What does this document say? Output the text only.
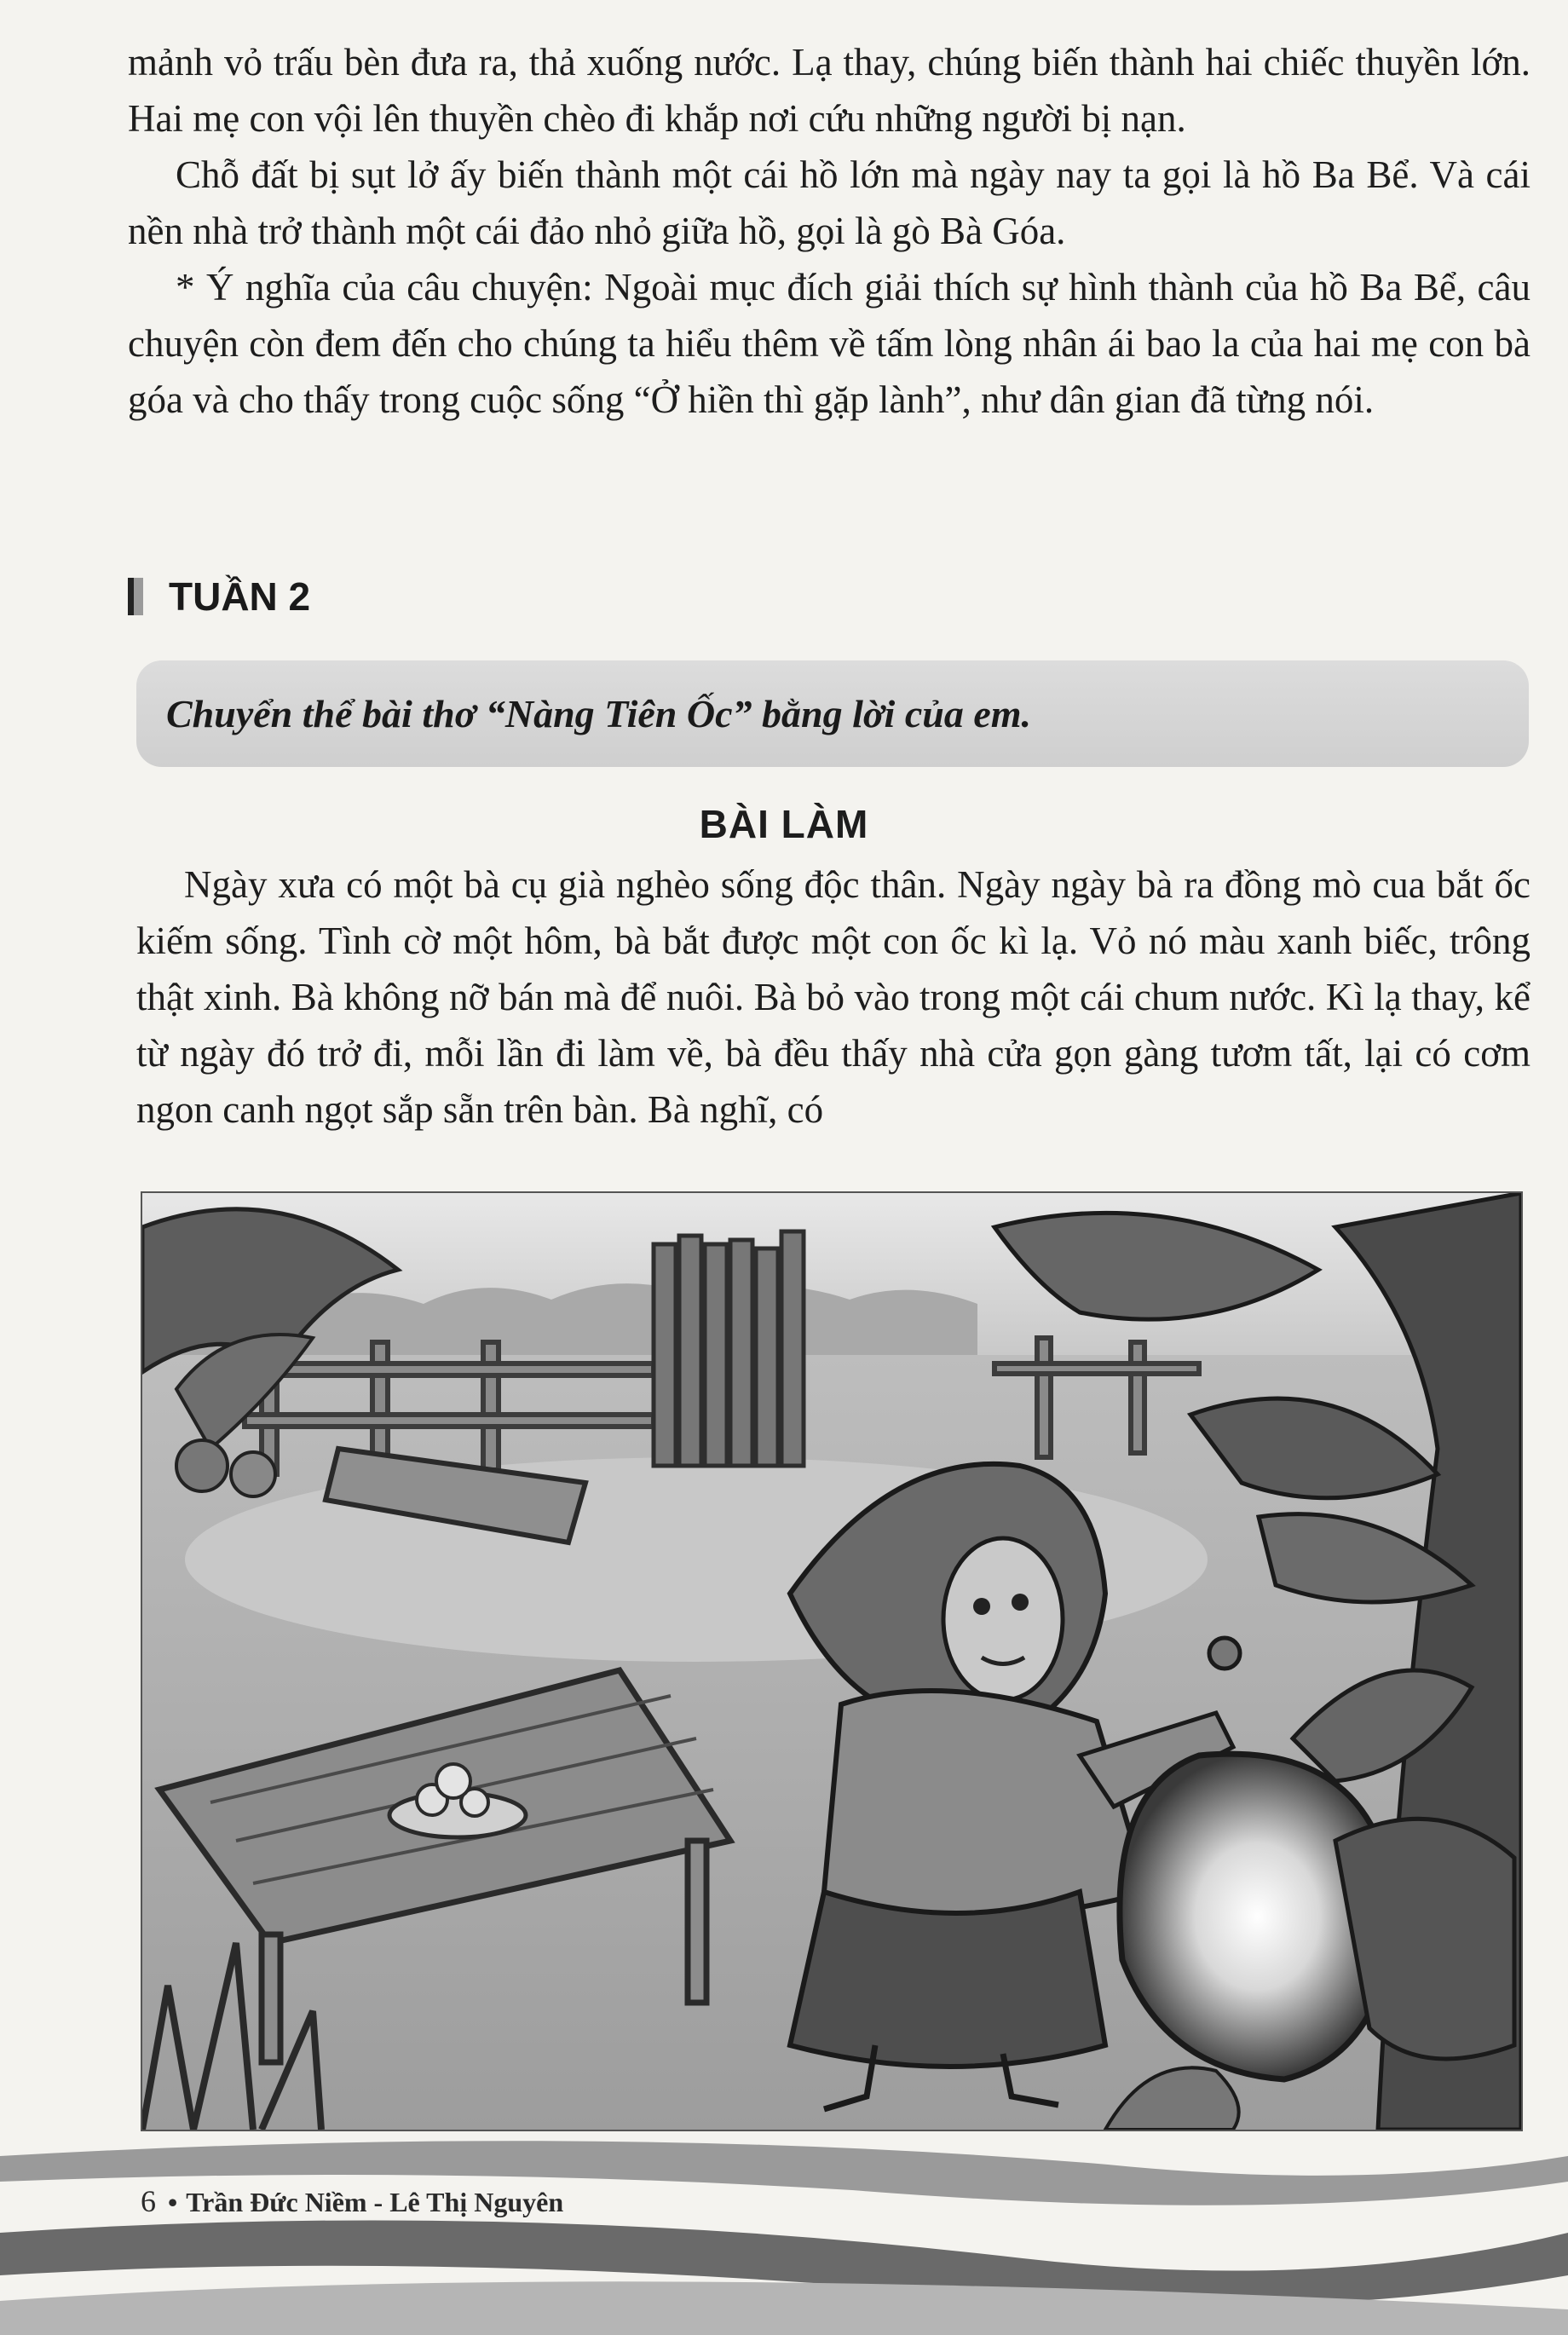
mảnh vỏ trấu bèn đưa ra, thả xuống nước. Lạ thay, chúng biến thành hai chiếc thuyền lớn. Hai mẹ con vội lên thuyền chèo đi khắp nơi cứu những người bị nạn.

Chỗ đất bị sụt lở ấy biến thành một cái hồ lớn mà ngày nay ta gọi là hồ Ba Bể. Và cái nền nhà trở thành một cái đảo nhỏ giữa hồ, gọi là gò Bà Góa.

* Ý nghĩa của câu chuyện: Ngoài mục đích giải thích sự hình thành của hồ Ba Bể, câu chuyện còn đem đến cho chúng ta hiểu thêm về tấm lòng nhân ái bao la của hai mẹ con bà góa và cho thấy trong cuộc sống “Ở hiền thì gặp lành”, như dân gian đã từng nói.

TUẦN 2
Chuyển thể bài thơ “Nàng Tiên Ốc” bằng lời của em.
BÀI LÀM

Ngày xưa có một bà cụ già nghèo sống độc thân. Ngày ngày bà ra đồng mò cua bắt ốc kiếm sống. Tình cờ một hôm, bà bắt được một con ốc kì lạ. Vỏ nó màu xanh biếc, trông thật xinh. Bà không nỡ bán mà để nuôi. Bà bỏ vào trong một cái chum nước. Kì lạ thay, kể từ ngày đó trở đi, mỗi lần đi làm về, bà đều thấy nhà cửa gọn gàng tươm tất, lại có cơm ngon canh ngọt sắp sẵn trên bàn. Bà nghĩ, có

6 • Trần Đức Niềm - Lê Thị Nguyên
